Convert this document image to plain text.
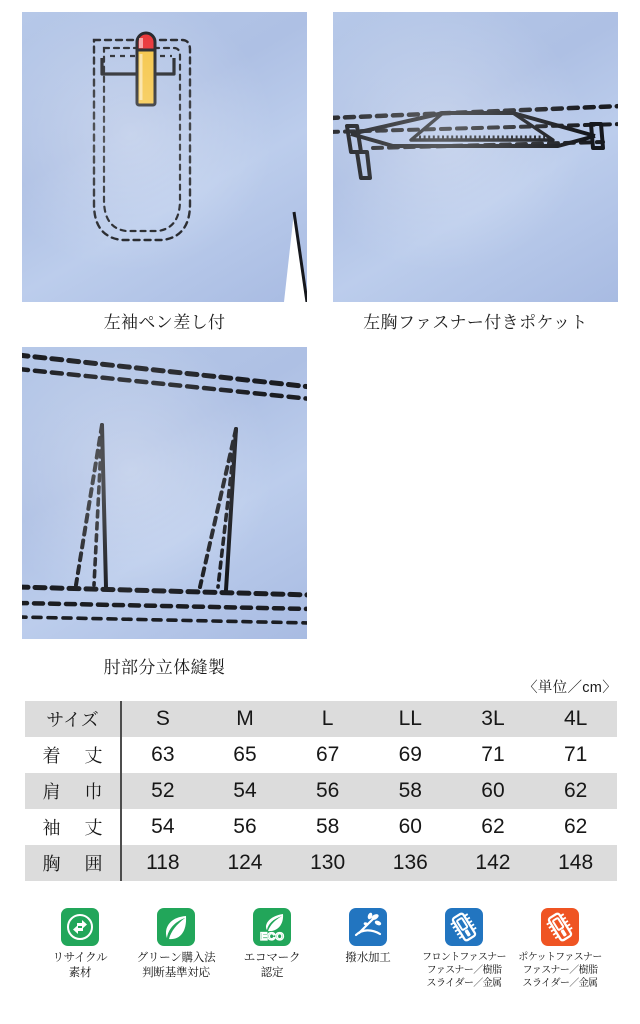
左袖ペン差し付	左胸ファスナー付きポケット
肘部分立体縫製
〈単位／cm〉
サイズ	S	M	L	LL	3L	4L

着 丈	63	65	67	69	71	71

肩 巾	52	54	56	58	60	62

袖 丈	54	56	58	60	62	62

胸 囲	118	124	130	136	142	148
リサイクル
素材
グリーン購入法
判断基準対応
ECO
エコマーク
認定
撥水加工	フロントファスナー
ファスナー／樹脂
スライダー／金属
ポケットファスナー
ファスナー／樹脂
スライダー／金属
